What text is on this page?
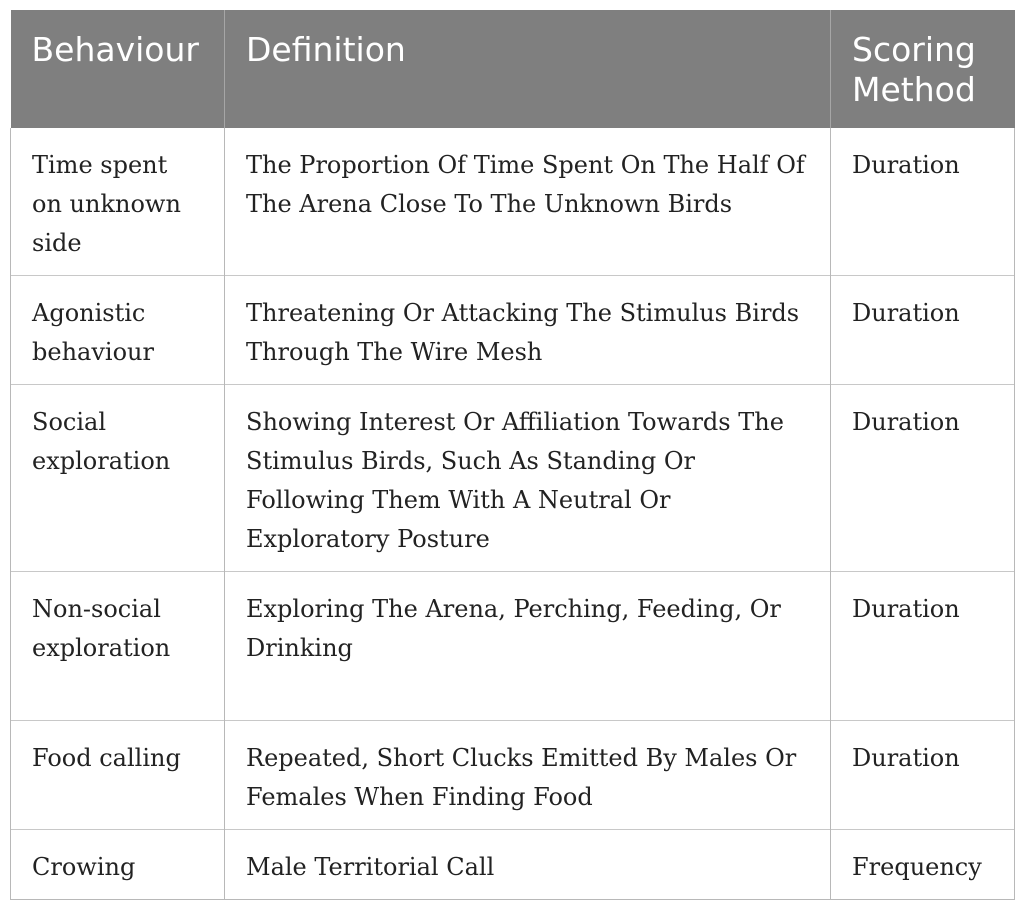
Behaviour	Definition	Scoring Method
Time spent on unknown side	The Proportion Of Time Spent On The Half Of The Arena Close To The Unknown Birds	Duration
Agonistic behaviour	Threatening Or Attacking The Stimulus Birds Through The Wire Mesh	Duration
Social exploration	Showing Interest Or Affiliation Towards The Stimulus Birds, Such As Standing Or Following Them With A Neutral Or Exploratory Posture	Duration
Non-social exploration	Exploring The Arena, Perching, Feeding, Or Drinking	Duration
Food calling	Repeated, Short Clucks Emitted By Males Or Females When Finding Food	Duration
Crowing	Male Territorial Call	Frequency
